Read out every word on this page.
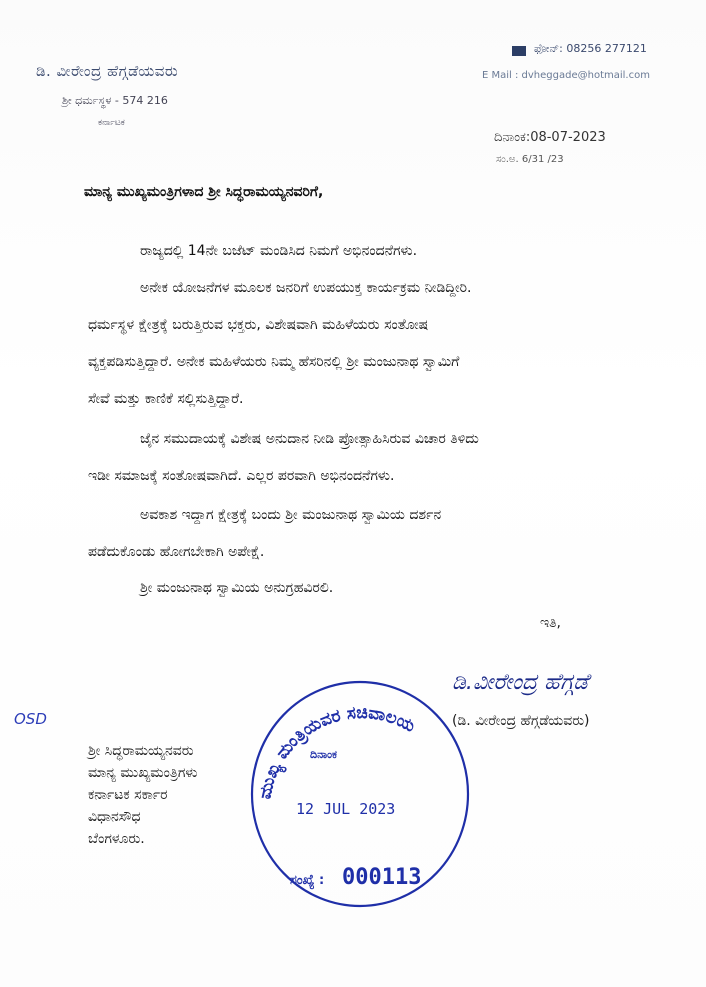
ಡಿ. ವೀರೇಂದ್ರ ಹೆಗ್ಗಡೆಯವರು
ಶ್ರೀ ಧರ್ಮಸ್ಥಳ - 574 216
ಕರ್ನಾಟಕ
ಫೋನ್: 08256 277121
E Mail : dvheggade@hotmail.com
ದಿನಾಂಕ:08-07-2023
ಸಂ.ಅ. 6/31 /23
ಮಾನ್ಯ ಮುಖ್ಯಮಂತ್ರಿಗಳಾದ ಶ್ರೀ ಸಿದ್ಧರಾಮಯ್ಯನವರಿಗೆ,
ರಾಜ್ಯದಲ್ಲಿ 14ನೇ ಬಜೆಟ್ ಮಂಡಿಸಿದ ನಿಮಗೆ ಅಭಿನಂದನೆಗಳು.
ಅನೇಕ ಯೋಜನೆಗಳ ಮೂಲಕ ಜನರಿಗೆ ಉಪಯುಕ್ತ ಕಾರ್ಯಕ್ರಮ ನೀಡಿದ್ದೀರಿ.
ಧರ್ಮಸ್ಥಳ ಕ್ಷೇತ್ರಕ್ಕೆ ಬರುತ್ತಿರುವ ಭಕ್ತರು, ವಿಶೇಷವಾಗಿ ಮಹಿಳೆಯರು ಸಂತೋಷ
ವ್ಯಕ್ತಪಡಿಸುತ್ತಿದ್ದಾರೆ. ಅನೇಕ ಮಹಿಳೆಯರು ನಿಮ್ಮ ಹೆಸರಿನಲ್ಲಿ ಶ್ರೀ ಮಂಜುನಾಥ ಸ್ವಾಮಿಗೆ
ಸೇವೆ ಮತ್ತು ಕಾಣಿಕೆ ಸಲ್ಲಿಸುತ್ತಿದ್ದಾರೆ.
ಜೈನ ಸಮುದಾಯಕ್ಕೆ ವಿಶೇಷ ಅನುದಾನ ನೀಡಿ ಪ್ರೋತ್ಸಾಹಿಸಿರುವ ವಿಚಾರ ತಿಳಿದು
ಇಡೀ ಸಮಾಜಕ್ಕೆ ಸಂತೋಷವಾಗಿದೆ. ಎಲ್ಲರ ಪರವಾಗಿ ಅಭಿನಂದನೆಗಳು.
ಅವಕಾಶ ಇದ್ದಾಗ ಕ್ಷೇತ್ರಕ್ಕೆ ಬಂದು ಶ್ರೀ ಮಂಜುನಾಥ ಸ್ವಾಮಿಯ ದರ್ಶನ
ಪಡೆದುಕೊಂಡು ಹೋಗಬೇಕಾಗಿ ಅಪೇಕ್ಷೆ.
ಶ್ರೀ ಮಂಜುನಾಥ ಸ್ವಾಮಿಯ ಅನುಗ್ರಹವಿರಲಿ.
ಇತಿ,
ಡಿ.ವೀರೇಂದ್ರ ಹೆಗ್ಗಡೆ
(ಡಿ. ವೀರೇಂದ್ರ ಹೆಗ್ಗಡೆಯವರು)
OSD
ಶ್ರೀ ಸಿದ್ಧರಾಮಯ್ಯನವರು
ಮಾನ್ಯ ಮುಖ್ಯಮಂತ್ರಿಗಳು
ಕರ್ನಾಟಕ ಸರ್ಕಾರ
ವಿಧಾನಸೌಧ
ಬೆಂಗಳೂರು.
ಮುಖ್ಯ ಮಂತ್ರಿಯವರ ಸಚಿವಾಲಯ
ದಿನಾಂಕ
12 JUL 2023
ಸಂಖ್ಯೆ : 000113
